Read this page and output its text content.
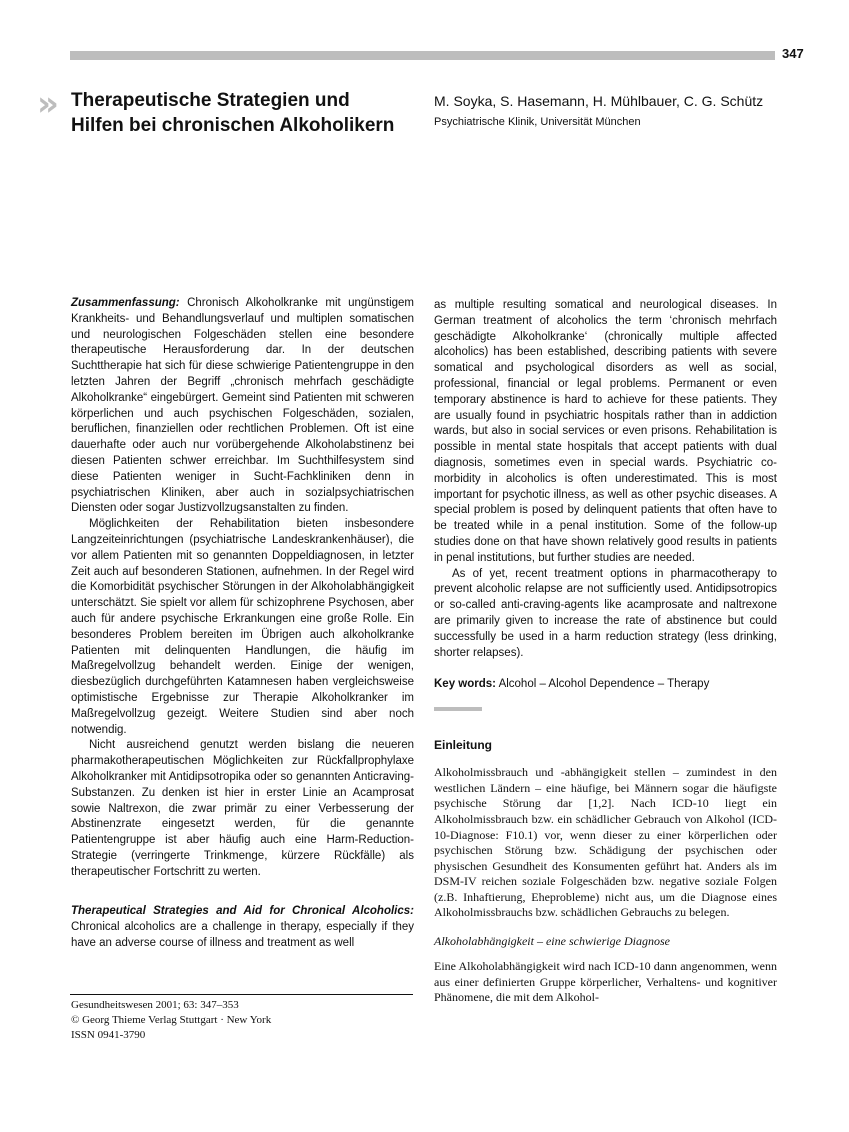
347
» Therapeutische Strategien und
Hilfen bei chronischen Alkoholikern
M. Soyka, S. Hasemann, H. Mühlbauer, C. G. Schütz
Psychiatrische Klinik, Universität München

Zusammenfassung: Chronisch Alkoholkranke mit ungünstigem Krankheits- und Behandlungsverlauf und multiplen somatischen und neurologischen Folgeschäden stellen eine besondere therapeutische Herausforderung dar. In der deutschen Suchttherapie hat sich für diese schwierige Patientengruppe in den letzten Jahren der Begriff „chronisch mehrfach geschädigte Alkoholkranke“ eingebürgert. Gemeint sind Patienten mit schweren körperlichen und auch psychischen Folgeschäden, sozialen, beruflichen, finanziellen oder rechtlichen Problemen. Oft ist eine dauerhafte oder auch nur vorübergehende Alkoholabstinenz bei diesen Patienten schwer erreichbar. Im Suchthilfesystem sind diese Patienten weniger in Sucht-Fachkliniken denn in psychiatrischen Kliniken, aber auch in sozialpsychiatrischen Diensten oder sogar Justizvollzugsanstalten zu finden.

Möglichkeiten der Rehabilitation bieten insbesondere Langzeiteinrichtungen (psychiatrische Landeskrankenhäuser), die vor allem Patienten mit so genannten Doppeldiagnosen, in letzter Zeit auch auf besonderen Stationen, aufnehmen. In der Regel wird die Komorbidität psychischer Störungen in der Alkoholabhängigkeit unterschätzt. Sie spielt vor allem für schizophrene Psychosen, aber auch für andere psychische Erkrankungen eine große Rolle. Ein besonderes Problem bereiten im Übrigen auch alkoholkranke Patienten mit delinquenten Handlungen, die häufig im Maßregelvollzug behandelt werden. Einige der wenigen, diesbezüglich durchgeführten Katamnesen haben vergleichsweise optimistische Ergebnisse zur Therapie Alkoholkranker im Maßregelvollzug gezeigt. Weitere Studien sind aber noch notwendig.

Nicht ausreichend genutzt werden bislang die neueren pharmakotherapeutischen Möglichkeiten zur Rückfallprophylaxe Alkoholkranker mit Antidipsotropika oder so genannten Anticraving-Substanzen. Zu denken ist hier in erster Linie an Acamprosat sowie Naltrexon, die zwar primär zu einer Verbesserung der Abstinenzrate eingesetzt werden, für die genannte Patientengruppe ist aber häufig auch eine Harm-Reduction-Strategie (verringerte Trinkmenge, kürzere Rückfälle) als therapeutischer Fortschritt zu werten.

Therapeutical Strategies and Aid for Chronical Alcoholics: Chronical alcoholics are a challenge in therapy, especially if they have an adverse course of illness and treatment as well

as multiple resulting somatical and neurological diseases. In German treatment of alcoholics the term ‘chronisch mehrfach geschädigte Alkoholkranke‘ (chronically multiple affected alcoholics) has been established, describing patients with severe somatical and psychological disorders as well as social, professional, financial or legal problems. Permanent or even temporary abstinence is hard to achieve for these patients. They are usually found in psychiatric hospitals rather than in addiction wards, but also in social services or even prisons. Rehabilitation is possible in mental state hospitals that accept patients with dual diagnosis, sometimes even in special wards. Psychiatric co-morbidity in alcoholics is often underestimated. This is most important for psychotic illness, as well as other psychic diseases. A special problem is posed by delinquent patients that often have to be treated while in a penal institution. Some of the follow-up studies done on that have shown relatively good results in patients in penal institutions, but further studies are needed.

As of yet, recent treatment options in pharmacotherapy to prevent alcoholic relapse are not sufficiently used. Antidipsotropics or so-called anti-craving-agents like acamprosate and naltrexone are primarily given to increase the rate of abstinence but could successfully be used in a harm reduction strategy (less drinking, shorter relapses).

Key words: Alcohol – Alcohol Dependence – Therapy

Einleitung

Alkoholmissbrauch und -abhängigkeit stellen – zumindest in den westlichen Ländern – eine häufige, bei Männern sogar die häufigste psychische Störung dar [1,2]. Nach ICD-10 liegt ein Alkoholmissbrauch bzw. ein schädlicher Gebrauch von Alkohol (ICD-10-Diagnose: F10.1) vor, wenn dieser zu einer körperlichen oder psychischen Störung bzw. Schädigung der psychischen oder physischen Gesundheit des Konsumenten geführt hat. Anders als im DSM-IV reichen soziale Folgeschäden bzw. negative soziale Folgen (z.B. Inhaftierung, Eheprobleme) nicht aus, um die Diagnose eines Alkoholmissbrauchs bzw. schädlichen Gebrauchs zu belegen.

Alkoholabhängigkeit – eine schwierige Diagnose

Eine Alkoholabhängigkeit wird nach ICD-10 dann angenommen, wenn aus einer definierten Gruppe körperlicher, Verhaltens- und kognitiver Phänomene, die mit dem Alkohol-

Gesundheitswesen 2001; 63: 347–353
© Georg Thieme Verlag Stuttgart · New York
ISSN 0941-3790
